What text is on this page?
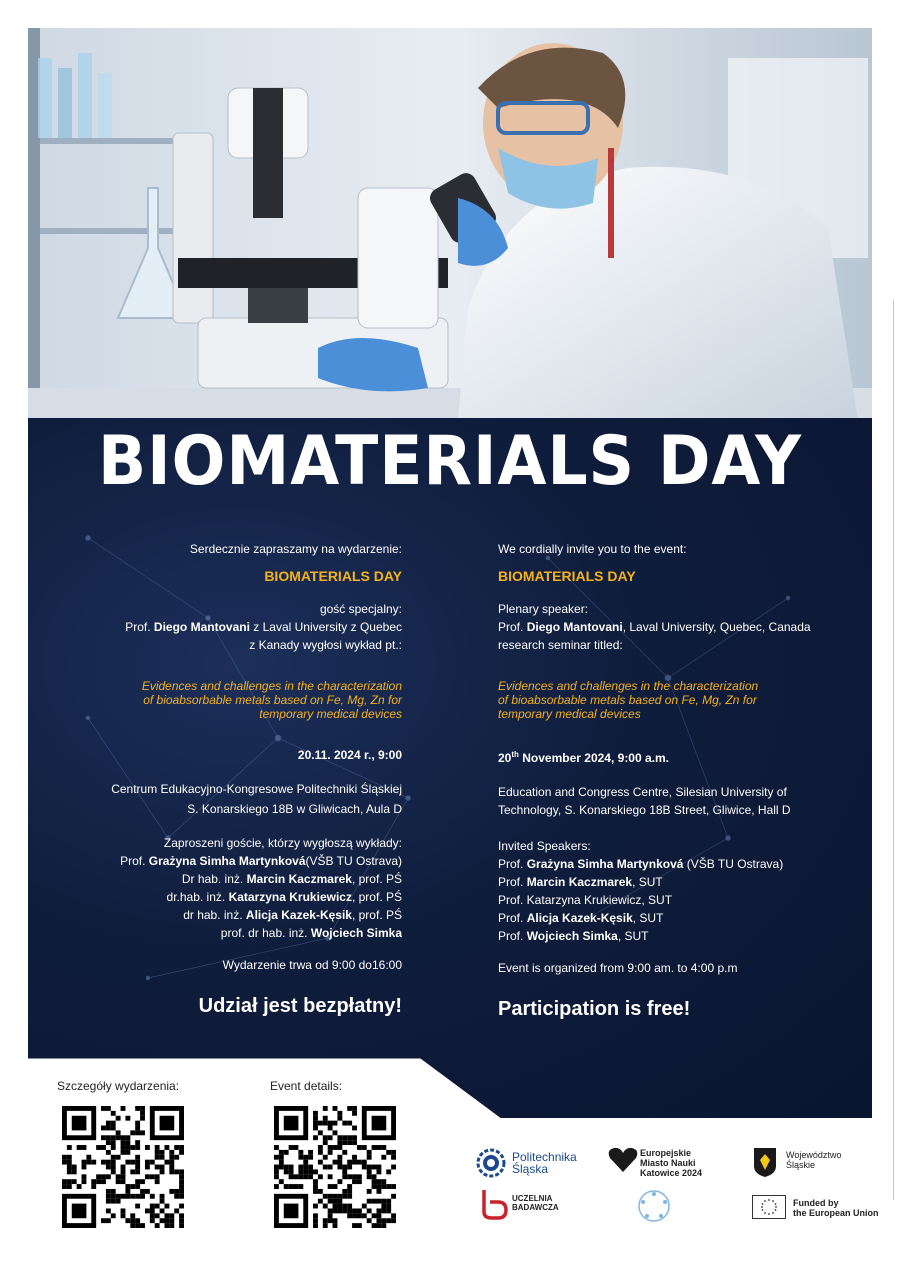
BIOMATERIALS DAY

Serdecznie zapraszamy na wydarzenie:

BIOMATERIALS DAY

gość specjalny:

Prof. Diego Mantovani z Laval University z Quebec

z Kanady wygłosi wykład pt.:

Evidences and challenges in the characterization

of bioabsorbable metals based on Fe, Mg, Zn for

temporary medical devices

20.11. 2024 r., 9:00

Centrum Edukacyjno-Kongresowe Politechniki Śląskiej

S. Konarskiego 18B w Gliwicach, Aula D

Zaproszeni goście, którzy wygłoszą wykłady:

Prof. Grażyna Simha Martynková(VŠB TU Ostrava)

Dr hab. inż. Marcin Kaczmarek, prof. PŚ

dr.hab. inż. Katarzyna Krukiewicz, prof. PŚ

dr hab. inż. Alicja Kazek-Kęsik, prof. PŚ

prof. dr hab. inż. Wojciech Simka

Wydarzenie trwa od 9:00 do16:00

Udział jest bezpłatny!

We cordially invite you to the event:

BIOMATERIALS DAY

Plenary speaker:

Prof. Diego Mantovani, Laval University, Quebec, Canada

research seminar titled:

Evidences and challenges in the characterization

of bioabsorbable metals based on Fe, Mg, Zn for

temporary medical devices

20th November 2024, 9:00 a.m.

Education and Congress Centre, Silesian University of

Technology, S. Konarskiego 18B Street, Gliwice, Hall D

Invited Speakers:

Prof. Grażyna Simha Martynková (VŠB TU Ostrava)

Prof. Marcin Kaczmarek, SUT

Prof. Katarzyna Krukiewicz, SUT

Prof. Alicja Kazek-Kęsik, SUT

Prof. Wojciech Simka, SUT

Event is organized from 9:00 am. to 4:00 p.m

Participation is free!

Szczegóły wydarzenia:	Event details:
Politechnika
Śląska
UCZELNIA
BADAWCZA
Europejskie
Miasto Nauki
Katowice 2024
Województwo
Śląskie
Funded by
the European Union
